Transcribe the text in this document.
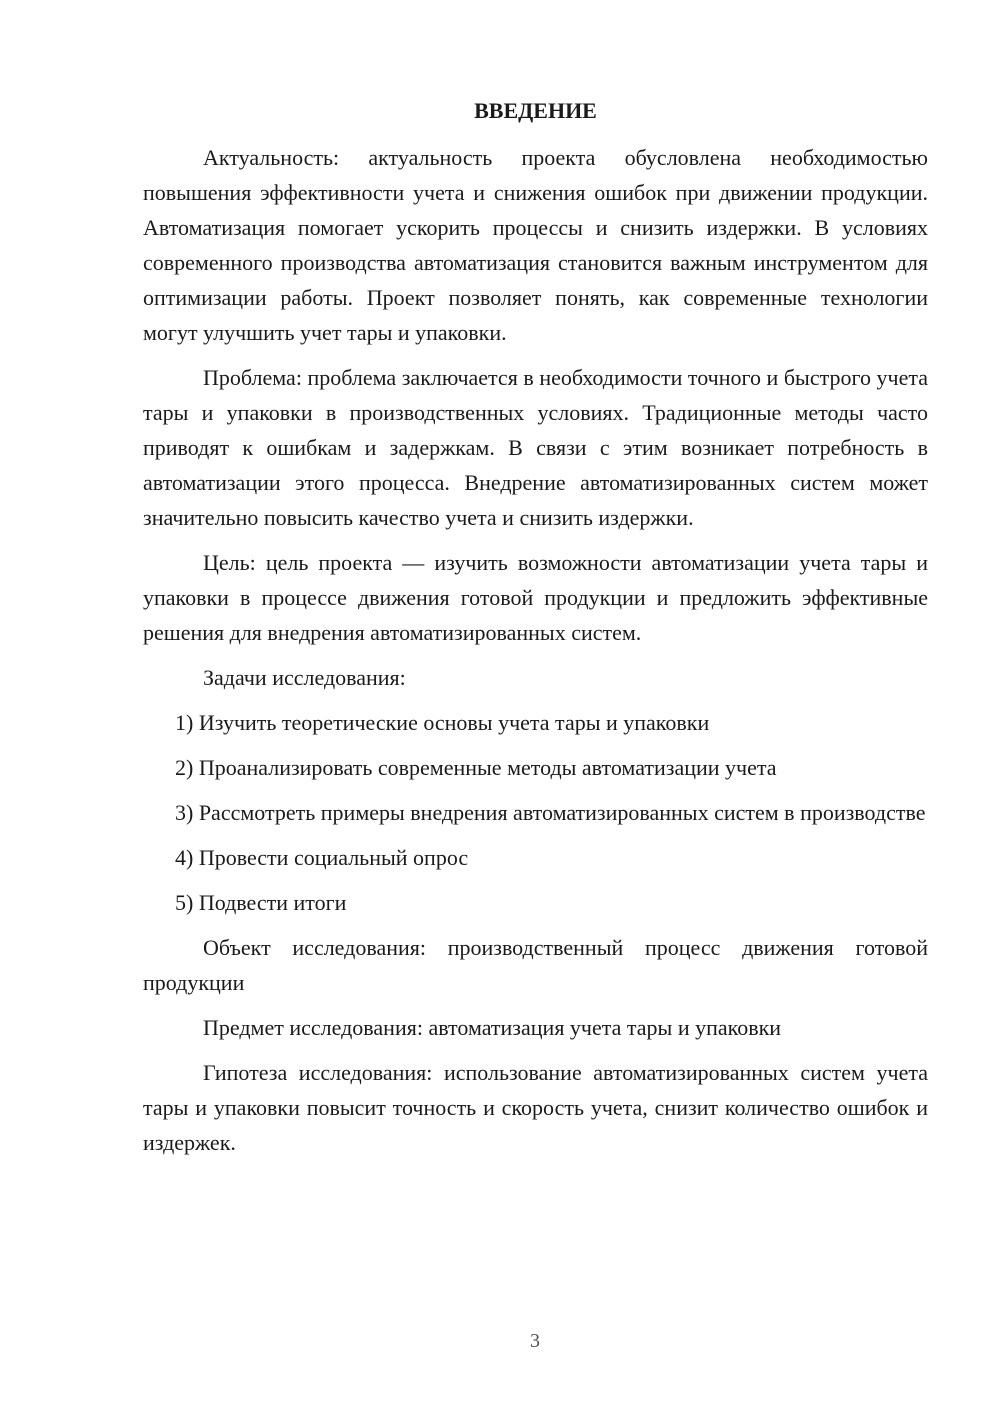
ВВЕДЕНИЕ

Актуальность: актуальность проекта обусловлена необходимостью повышения эффективности учета и снижения ошибок при движении продукции. Автоматизация помогает ускорить процессы и снизить издержки. В условиях современного производства автоматизация становится важным инструментом для оптимизации работы. Проект позволяет понять, как современные технологии могут улучшить учет тары и упаковки.

Проблема: проблема заключается в необходимости точного и быстрого учета тары и упаковки в производственных условиях. Традиционные методы часто приводят к ошибкам и задержкам. В связи с этим возникает потребность в автоматизации этого процесса. Внедрение автоматизированных систем может значительно повысить качество учета и снизить издержки.

Цель: цель проекта — изучить возможности автоматизации учета тары и упаковки в процессе движения готовой продукции и предложить эффективные решения для внедрения автоматизированных систем.

Задачи исследования:

1) Изучить теоретические основы учета тары и упаковки

2) Проанализировать современные методы автоматизации учета

3) Рассмотреть примеры внедрения автоматизированных систем в производстве

4) Провести социальный опрос

5) Подвести итоги

Объект исследования: производственный процесс движения готовой продукции

Предмет исследования: автоматизация учета тары и упаковки

Гипотеза исследования: использование автоматизированных систем учета тары и упаковки повысит точность и скорость учета, снизит количество ошибок и издержек.

3
